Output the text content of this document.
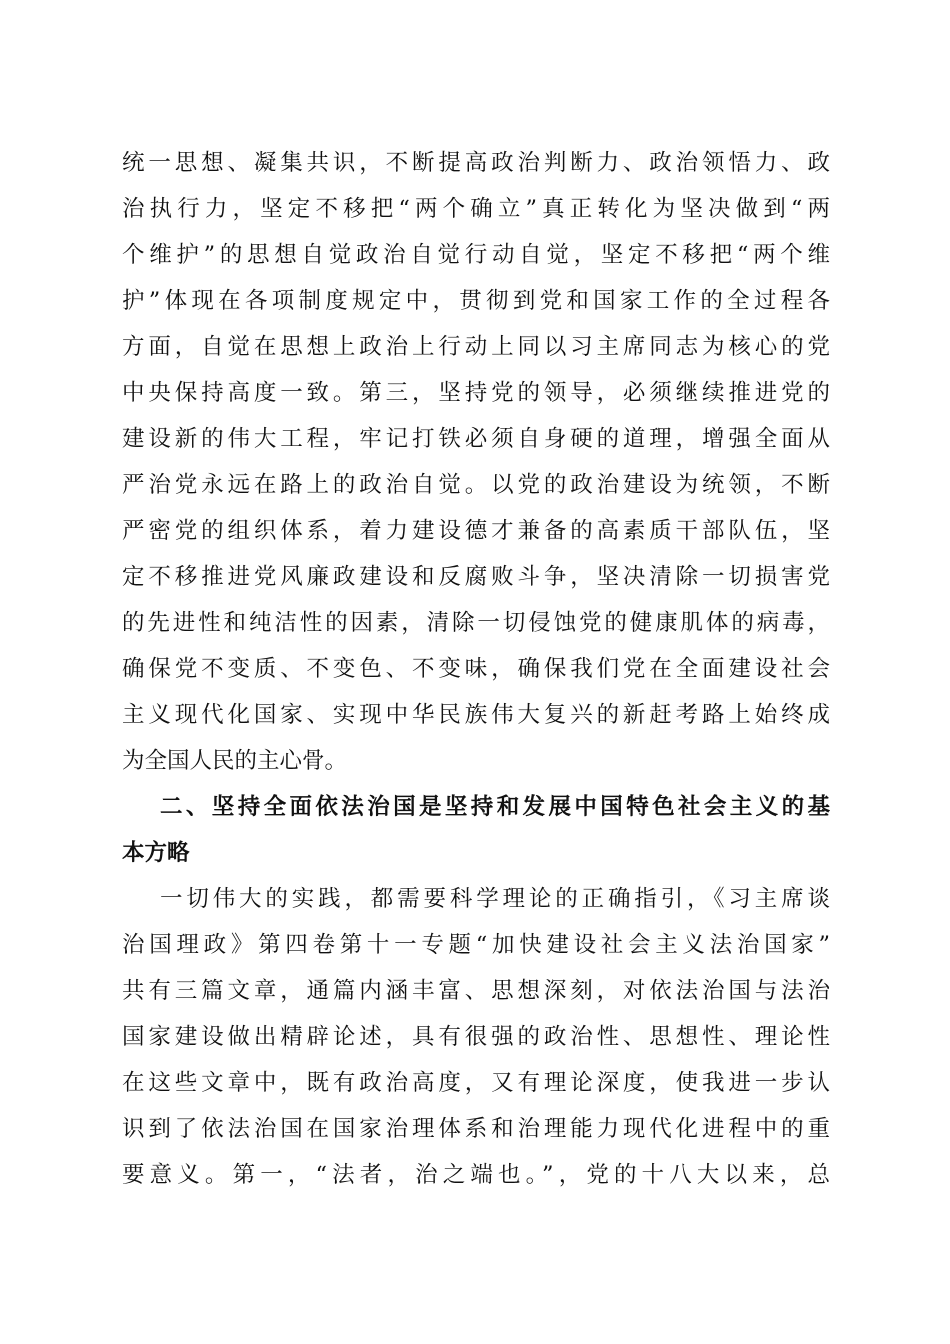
统一思想、凝集共识，不断提高政治判断力、政治领悟力、政
治执行力，坚定不移把“两个确立”真正转化为坚决做到“两
个维护”的思想自觉政治自觉行动自觉，坚定不移把“两个维
护”体现在各项制度规定中，贯彻到党和国家工作的全过程各
方面，自觉在思想上政治上行动上同以习主席同志为核心的党
中央保持高度一致。第三，坚持党的领导，必须继续推进党的
建设新的伟大工程，牢记打铁必须自身硬的道理，增强全面从
严治党永远在路上的政治自觉。以党的政治建设为统领，不断
严密党的组织体系，着力建设德才兼备的高素质干部队伍，坚
定不移推进党风廉政建设和反腐败斗争，坚决清除一切损害党
的先进性和纯洁性的因素，清除一切侵蚀党的健康肌体的病毒，
确保党不变质、不变色、不变味，确保我们党在全面建设社会
主义现代化国家、实现中华民族伟大复兴的新赶考路上始终成
为全国人民的主心骨。
二、坚持全面依法治国是坚持和发展中国特色社会主义的基
本方略
一切伟大的实践，都需要科学理论的正确指引，《习主席谈
治国理政》第四卷第十一专题“加快建设社会主义法治国家”
共有三篇文章，通篇内涵丰富、思想深刻，对依法治国与法治
国家建设做出精辟论述，具有很强的政治性、思想性、理论性
在这些文章中，既有政治高度，又有理论深度，使我进一步认
识到了依法治国在国家治理体系和治理能力现代化进程中的重
要意义。第一，“法者，治之端也。”，党的十八大以来，总
